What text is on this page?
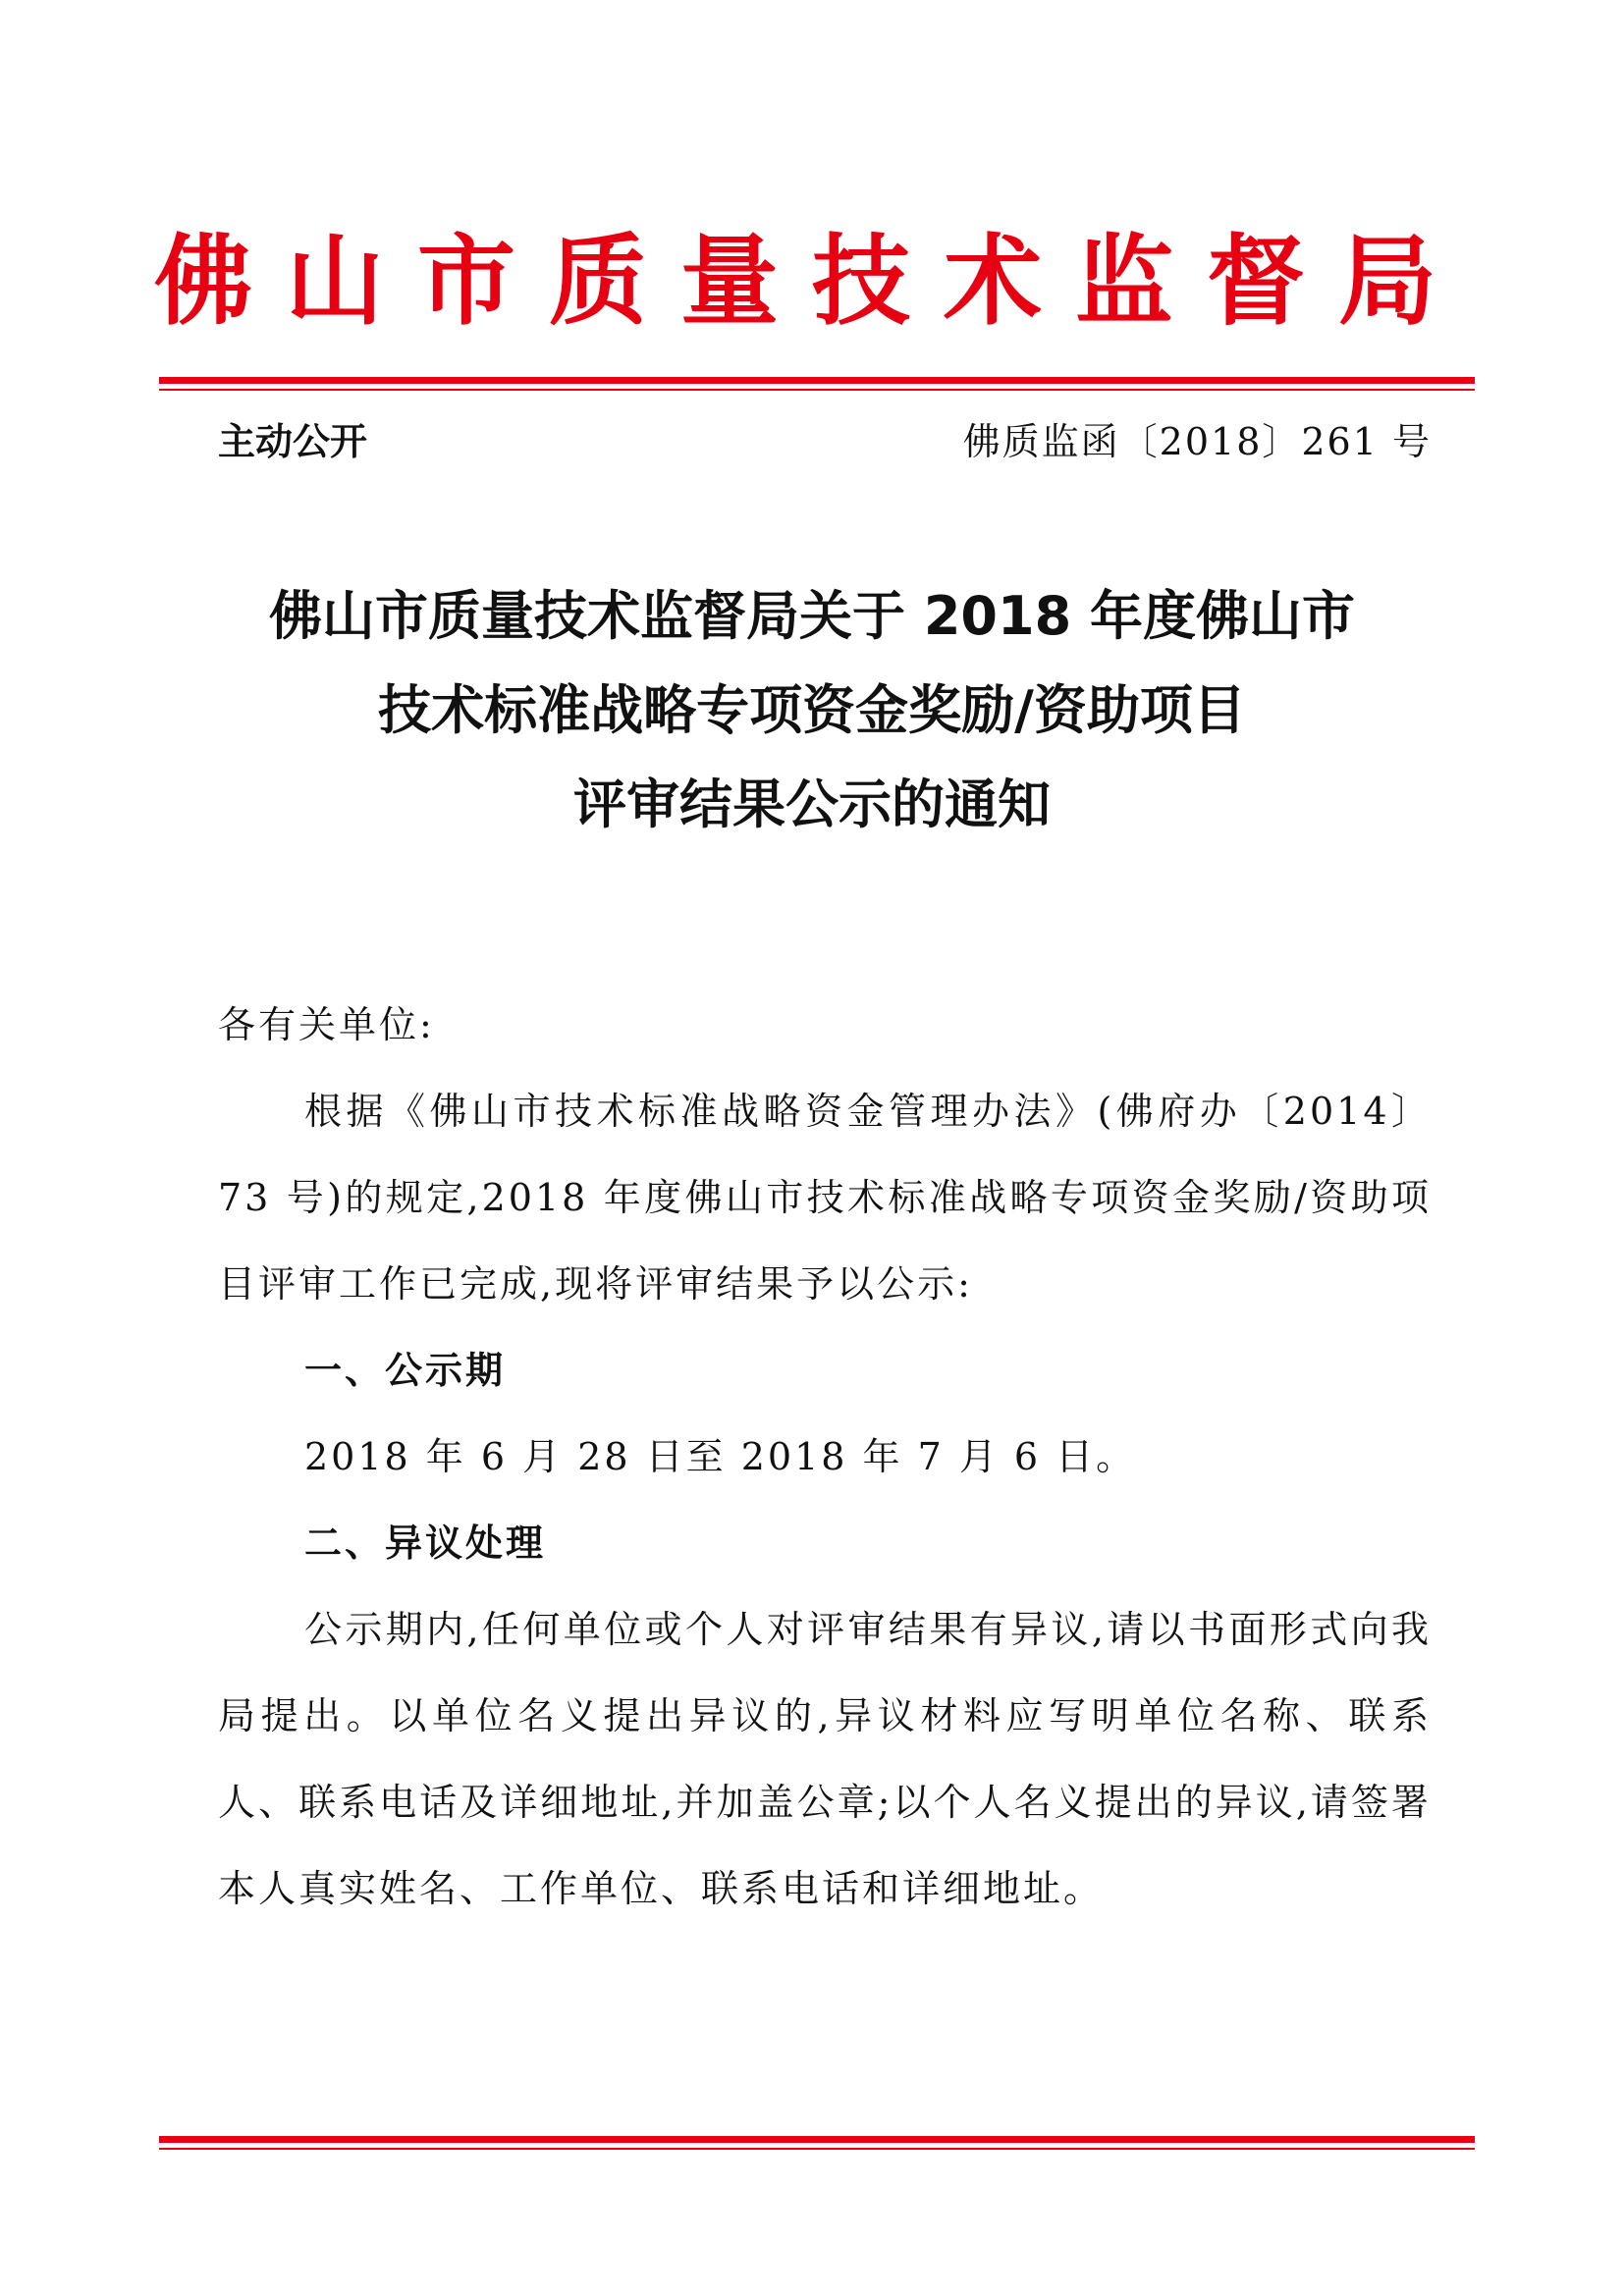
佛山市质量技术监督局
主动公开	佛质监函〔2018〕261 号
佛山市质量技术监督局关于 2018 年度佛山市
技术标准战略专项资金奖励/资助项目
评审结果公示的通知

各有关单位:

根据《佛山市技术标准战略资金管理办法》(佛府办〔2014〕73 号)的规定,2018 年度佛山市技术标准战略专项资金奖励/资助项目评审工作已完成,现将评审结果予以公示:

一、公示期

2018 年 6 月 28 日至 2018 年 7 月 6 日。

二、异议处理

公示期内,任何单位或个人对评审结果有异议,请以书面形式向我局提出。以单位名义提出异议的,异议材料应写明单位名称、联系人、联系电话及详细地址,并加盖公章;以个人名义提出的异议,请签署本人真实姓名、工作单位、联系电话和详细地址。
